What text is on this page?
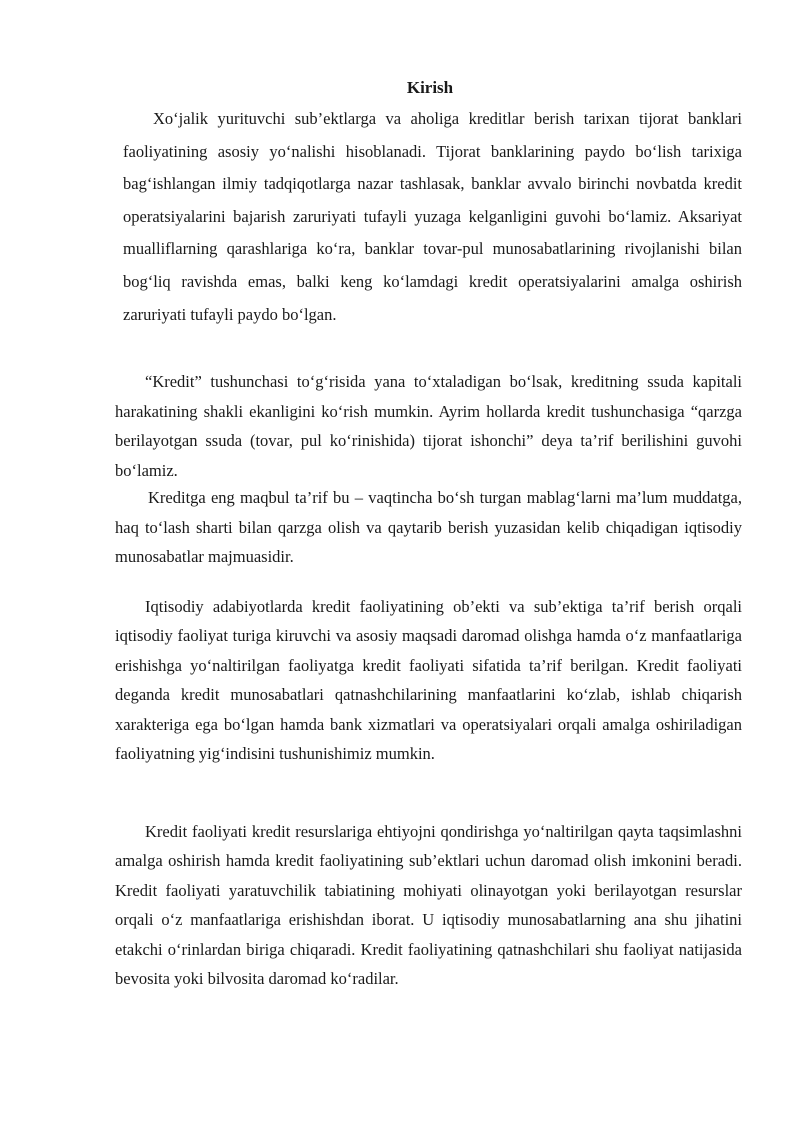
Kirish

Xo‘jalik yurituvchi sub’ektlarga va aholiga kreditlar berish tarixan tijorat banklari faoliyatining asosiy yo‘nalishi hisoblanadi. Tijorat banklarining paydo bo‘lish tarixiga bag‘ishlangan ilmiy tadqiqotlarga nazar tashlasak, banklar avvalo birinchi novbatda kredit operatsiyalarini bajarish zaruriyati tufayli yuzaga kelganligini guvohi bo‘lamiz. Aksariyat mualliflarning qarashlariga ko‘ra, banklar tovar-pul munosabatlarining rivojlanishi bilan bog‘liq ravishda emas, balki keng ko‘lamdagi kredit operatsiyalarini amalga oshirish zaruriyati tufayli paydo bo‘lgan.

“Kredit” tushunchasi to‘g‘risida yana to‘xtaladigan bo‘lsak, kreditning ssuda kapitali harakatining shakli ekanligini ko‘rish mumkin. Ayrim hollarda kredit tushunchasiga “qarzga berilayotgan ssuda (tovar, pul ko‘rinishida) tijorat ishonchi” deya ta’rif berilishini guvohi bo‘lamiz.

Kreditga eng maqbul ta’rif bu – vaqtincha bo‘sh turgan mablag‘larni ma’lum muddatga, haq to‘lash sharti bilan qarzga olish va qaytarib berish yuzasidan kelib chiqadigan iqtisodiy munosabatlar majmuasidir.

Iqtisodiy adabiyotlarda kredit faoliyatining ob’ekti va sub’ektiga ta’rif berish orqali iqtisodiy faoliyat turiga kiruvchi va asosiy maqsadi daromad olishga hamda o‘z manfaatlariga erishishga yo‘naltirilgan faoliyatga kredit faoliyati sifatida ta’rif berilgan. Kredit faoliyati deganda kredit munosabatlari qatnashchilarining manfaatlarini ko‘zlab, ishlab chiqarish xarakteriga ega bo‘lgan hamda bank xizmatlari va operatsiyalari orqali amalga oshiriladigan faoliyatning yig‘indisini tushunishimiz mumkin.

Kredit faoliyati kredit resurslariga ehtiyojni qondirishga yo‘naltirilgan qayta taqsimlashni amalga oshirish hamda kredit faoliyatining sub’ektlari uchun daromad olish imkonini beradi. Kredit faoliyati yaratuvchilik tabiatining mohiyati olinayotgan yoki berilayotgan resurslar orqali o‘z manfaatlariga erishishdan iborat. U iqtisodiy munosabatlarning ana shu jihatini etakchi o‘rinlardan biriga chiqaradi. Kredit faoliyatining qatnashchilari shu faoliyat natijasida bevosita yoki bilvosita daromad ko‘radilar.
